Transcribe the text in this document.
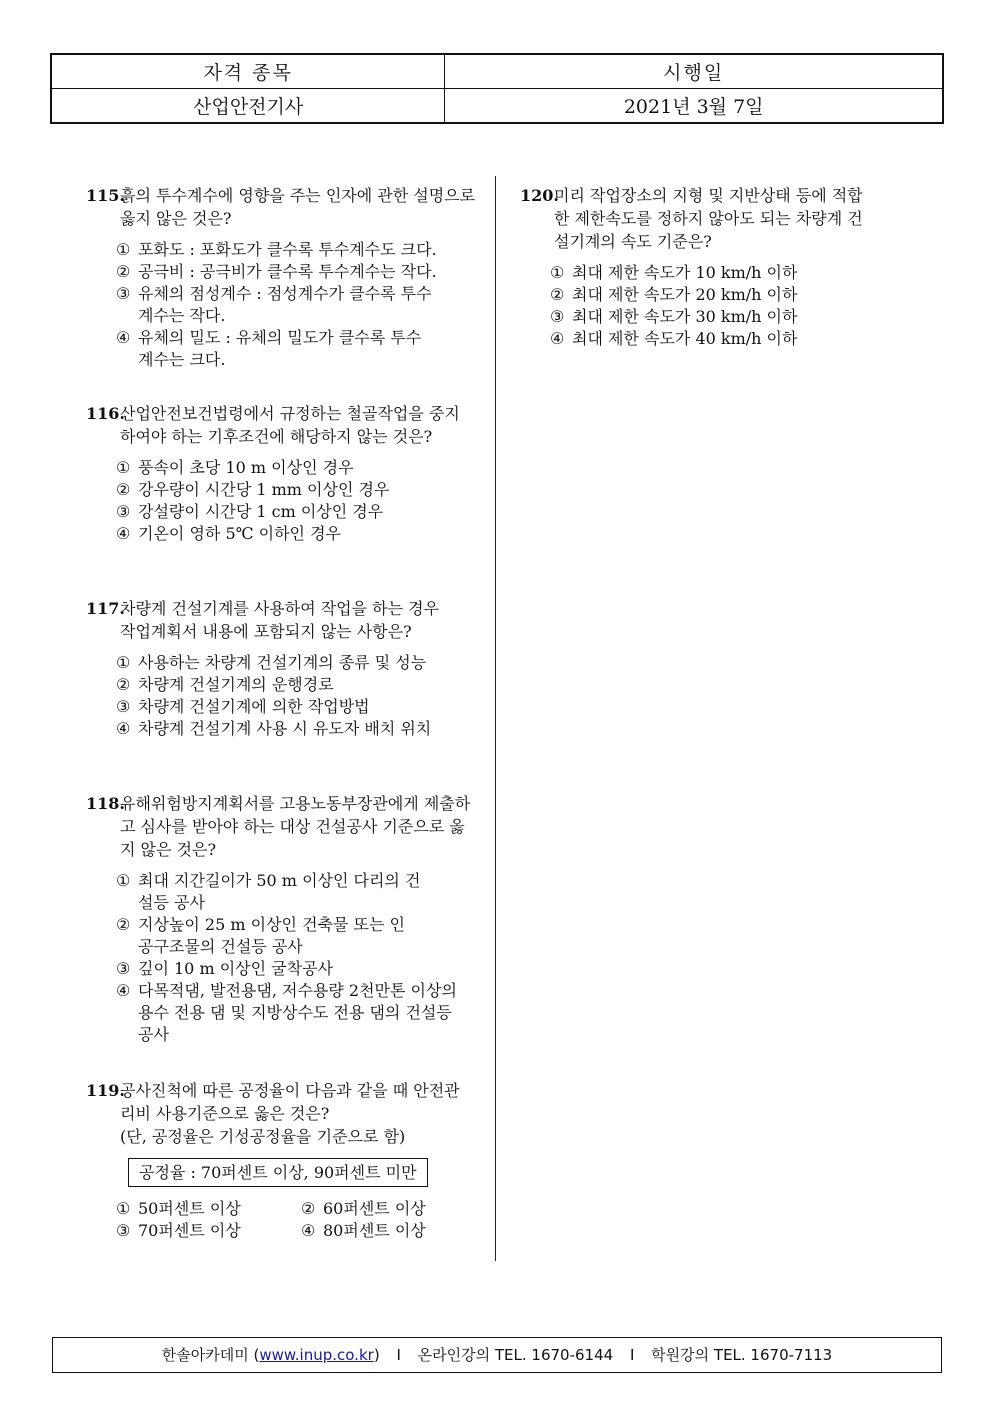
자격 종목	시행일
산업안전기사	2021년 3월 7일
115.
흙의 투수계수에 영향을 주는 인자에 관한 설명으로 옳지 않은 것은?
① 포화도 : 포화도가 클수록 투수계수도 크다.
② 공극비 : 공극비가 클수록 투수계수는 작다.
③ 유체의 점성계수 : 점성계수가 클수록 투수계수는 작다.
④ 유체의 밀도 : 유체의 밀도가 클수록 투수계수는 크다.
116.
산업안전보건법령에서 규정하는 철골작업을 중지하여야 하는 기후조건에 해당하지 않는 것은?
① 풍속이 초당 10 m 이상인 경우
② 강우량이 시간당 1 mm 이상인 경우
③ 강설량이 시간당 1 cm 이상인 경우
④ 기온이 영하 5℃ 이하인 경우
117.
차량계 건설기계를 사용하여 작업을 하는 경우 작업계획서 내용에 포함되지 않는 사항은?
① 사용하는 차량계 건설기계의 종류 및 성능
② 차량계 건설기계의 운행경로
③ 차량계 건설기계에 의한 작업방법
④ 차량계 건설기계 사용 시 유도자 배치 위치
118.
유해위험방지계획서를 고용노동부장관에게 제출하고 심사를 받아야 하는 대상 건설공사 기준으로 옳지 않은 것은?
① 최대 지간길이가 50 m 이상인 다리의 건설등 공사
② 지상높이 25 m 이상인 건축물 또는 인공구조물의 건설등 공사
③ 깊이 10 m 이상인 굴착공사
④ 다목적댐, 발전용댐, 저수용량 2천만톤 이상의 용수 전용 댐 및 지방상수도 전용 댐의 건설등 공사
119.
공사진척에 따른 공정율이 다음과 같을 때 안전관리비 사용기준으로 옳은 것은?
(단, 공정율은 기성공정율을 기준으로 함)
공정율 : 70퍼센트 이상, 90퍼센트 미만
① 50퍼센트 이상	② 60퍼센트 이상
③ 70퍼센트 이상	④ 80퍼센트 이상
120.
미리 작업장소의 지형 및 지반상태 등에 적합한 제한속도를 정하지 않아도 되는 차량계 건설기계의 속도 기준은?
① 최대 제한 속도가 10 km/h 이하
② 최대 제한 속도가 20 km/h 이하
③ 최대 제한 속도가 30 km/h 이하
④ 최대 제한 속도가 40 km/h 이하
한솔아카데미 (www.inup.co.kr) I 온라인강의 TEL. 1670-6144 I 학원강의 TEL. 1670-7113
